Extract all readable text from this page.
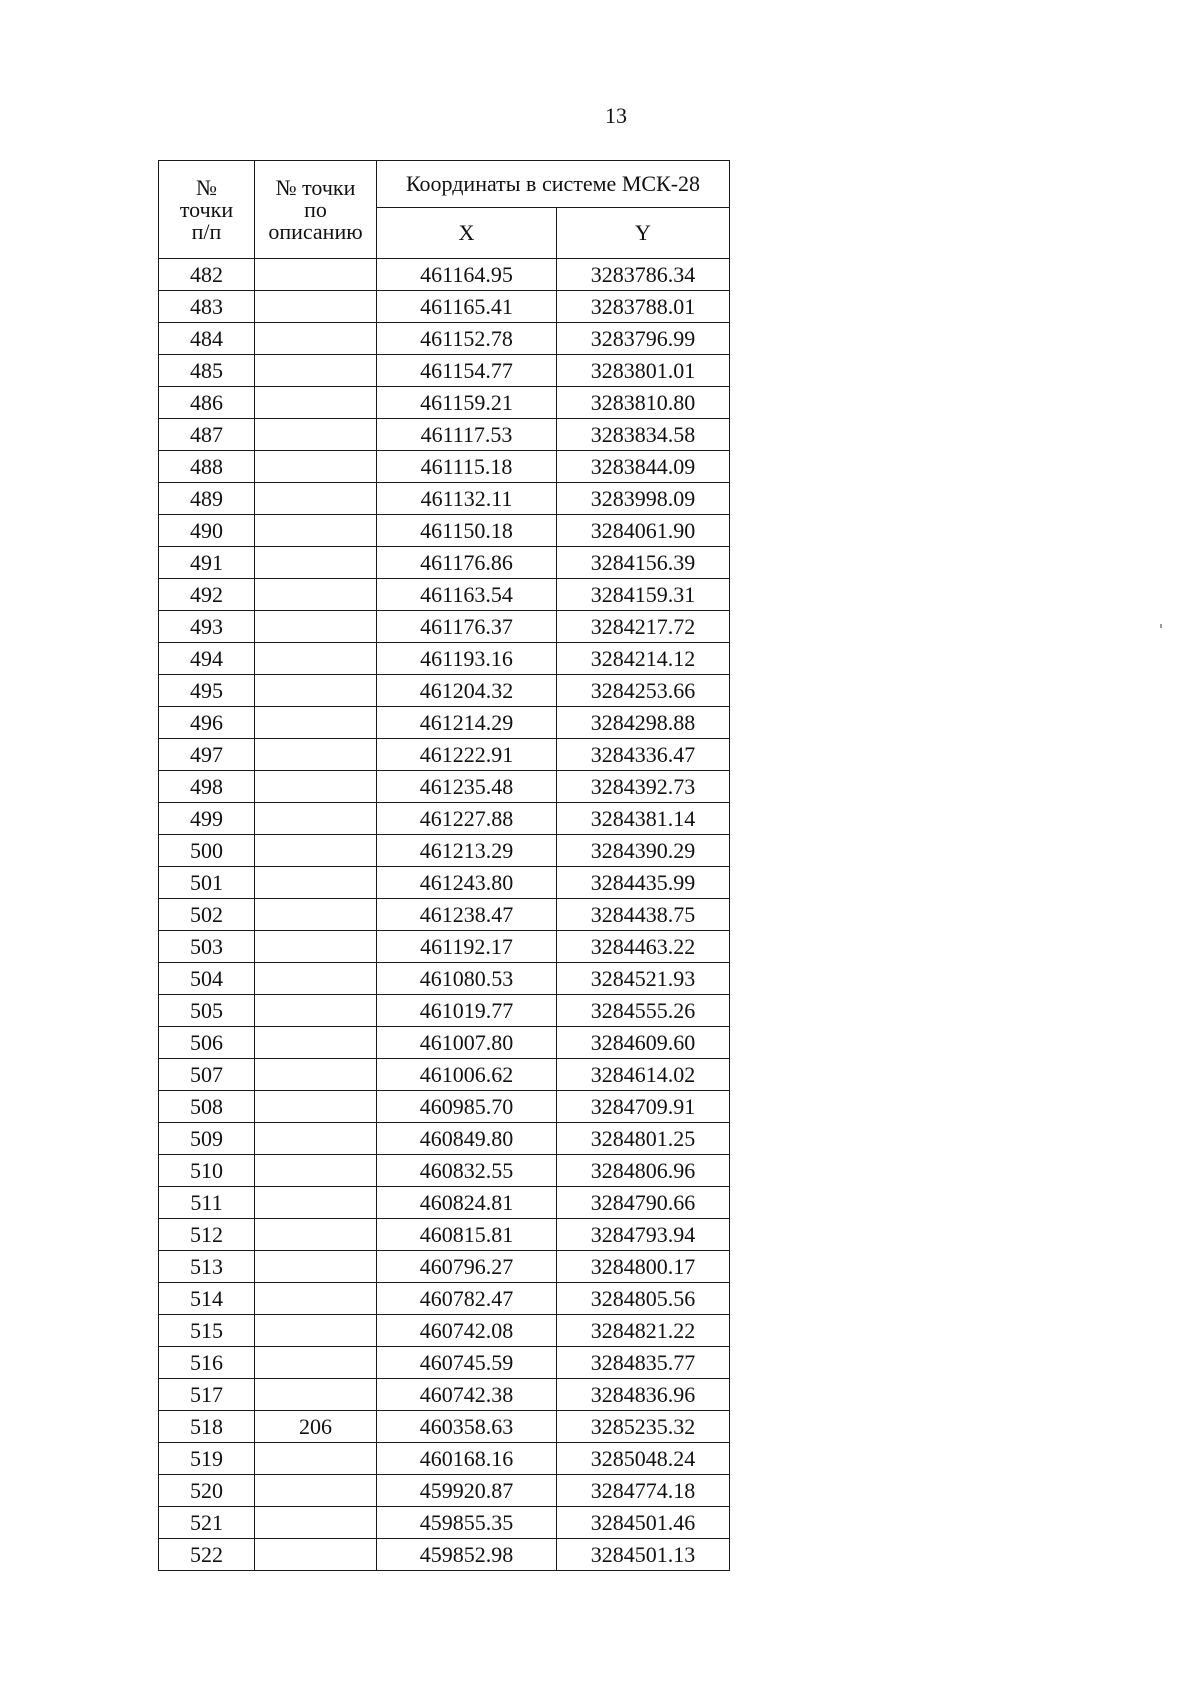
13
№
точки
п/п	№ точки
по
описанию	Координаты в системе МСК-28	
		X	Y
482		461164.95	3283786.34
483		461165.41	3283788.01
484		461152.78	3283796.99
485		461154.77	3283801.01
486		461159.21	3283810.80
487		461117.53	3283834.58
488		461115.18	3283844.09
489		461132.11	3283998.09
490		461150.18	3284061.90
491		461176.86	3284156.39
492		461163.54	3284159.31
493		461176.37	3284217.72
494		461193.16	3284214.12
495		461204.32	3284253.66
496		461214.29	3284298.88
497		461222.91	3284336.47
498		461235.48	3284392.73
499		461227.88	3284381.14
500		461213.29	3284390.29
501		461243.80	3284435.99
502		461238.47	3284438.75
503		461192.17	3284463.22
504		461080.53	3284521.93
505		461019.77	3284555.26
506		461007.80	3284609.60
507		461006.62	3284614.02
508		460985.70	3284709.91
509		460849.80	3284801.25
510		460832.55	3284806.96
511		460824.81	3284790.66
512		460815.81	3284793.94
513		460796.27	3284800.17
514		460782.47	3284805.56
515		460742.08	3284821.22
516		460745.59	3284835.77
517		460742.38	3284836.96
518	206	460358.63	3285235.32
519		460168.16	3285048.24
520		459920.87	3284774.18
521		459855.35	3284501.46
522		459852.98	3284501.13
